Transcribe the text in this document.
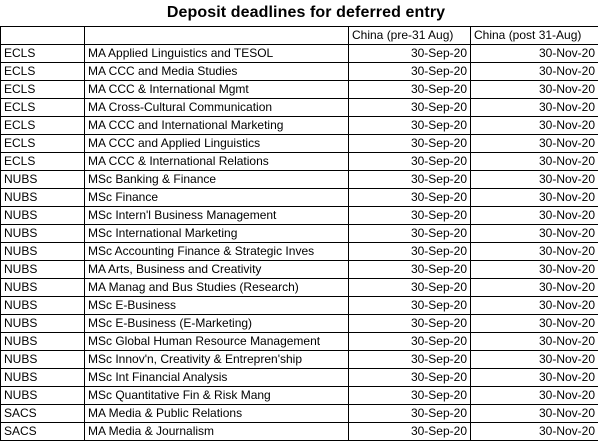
Deposit deadlines for deferred entry
		China (pre-31 Aug)	China (post 31-Aug)
ECLS	MA Applied Linguistics and TESOL	30-Sep-20	30-Nov-20
ECLS	MA CCC and Media Studies	30-Sep-20	30-Nov-20
ECLS	MA CCC & International Mgmt	30-Sep-20	30-Nov-20
ECLS	MA Cross-Cultural Communication	30-Sep-20	30-Nov-20
ECLS	MA CCC and International Marketing	30-Sep-20	30-Nov-20
ECLS	MA CCC and Applied Linguistics	30-Sep-20	30-Nov-20
ECLS	MA CCC & International Relations	30-Sep-20	30-Nov-20
NUBS	MSc Banking & Finance	30-Sep-20	30-Nov-20
NUBS	MSc Finance	30-Sep-20	30-Nov-20
NUBS	MSc Intern'l Business Management	30-Sep-20	30-Nov-20
NUBS	MSc International Marketing	30-Sep-20	30-Nov-20
NUBS	MSc Accounting Finance & Strategic Inves	30-Sep-20	30-Nov-20
NUBS	MA Arts, Business and Creativity	30-Sep-20	30-Nov-20
NUBS	MA Manag and Bus Studies (Research)	30-Sep-20	30-Nov-20
NUBS	MSc E-Business	30-Sep-20	30-Nov-20
NUBS	MSc E-Business (E-Marketing)	30-Sep-20	30-Nov-20
NUBS	MSc Global Human Resource Management	30-Sep-20	30-Nov-20
NUBS	MSc Innov'n, Creativity & Entrepren'ship	30-Sep-20	30-Nov-20
NUBS	MSc Int Financial Analysis	30-Sep-20	30-Nov-20
NUBS	MSc Quantitative Fin & Risk Mang	30-Sep-20	30-Nov-20
SACS	MA Media & Public Relations	30-Sep-20	30-Nov-20
SACS	MA Media & Journalism	30-Sep-20	30-Nov-20
